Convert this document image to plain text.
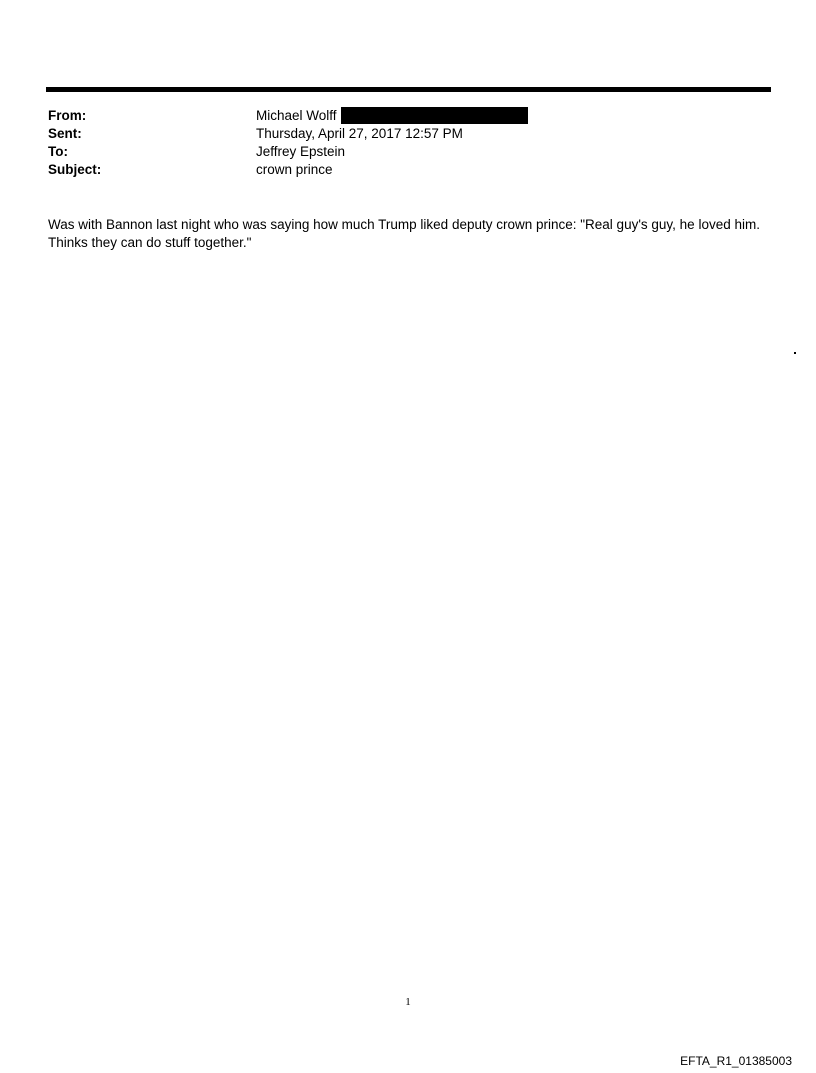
From:	Michael Wolff
Sent:	Thursday, April 27, 2017 12:57 PM
To:	Jeffrey Epstein
Subject:	crown prince

Was with Bannon last night who was saying how much Trump liked deputy crown prince: "Real guy's guy, he loved him. Thinks they can do stuff together."

1
EFTA_R1_01385003
